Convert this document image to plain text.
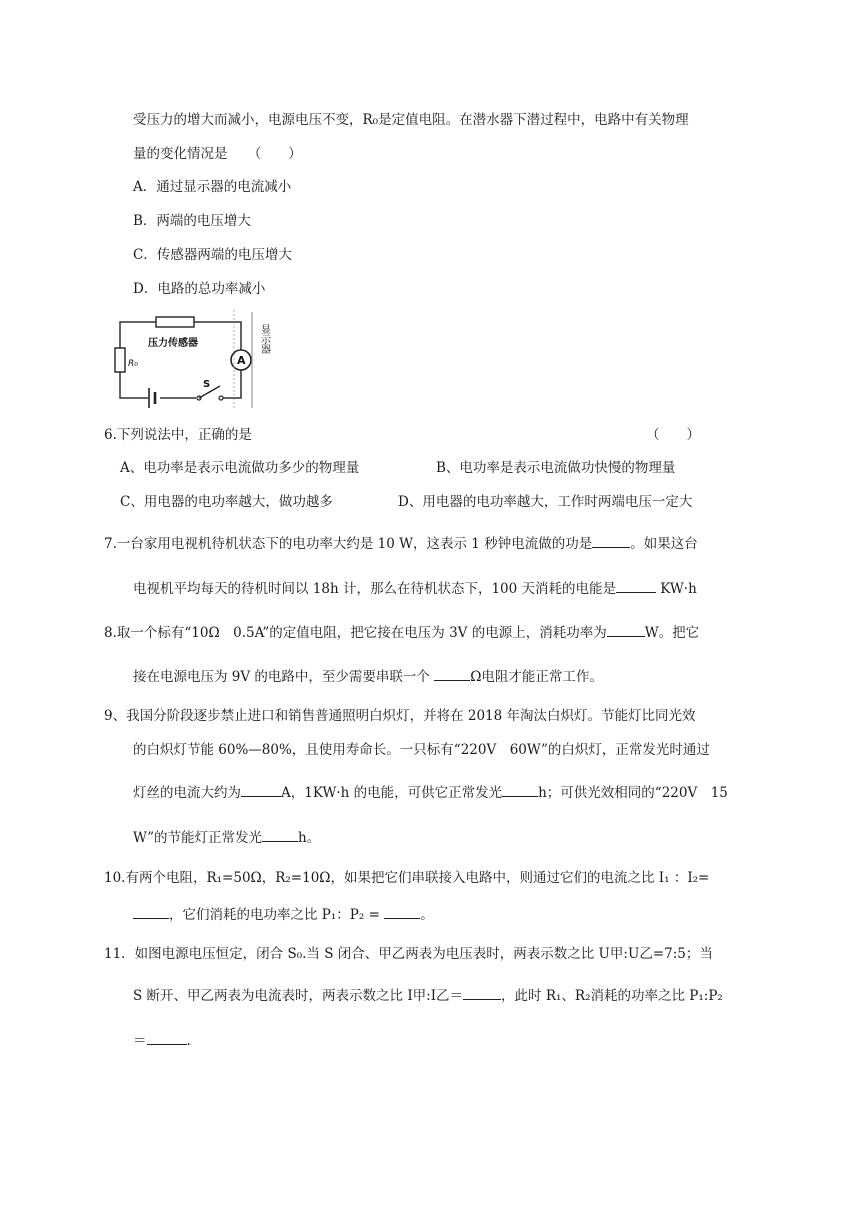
受压力的增大而减小，电源电压不变，R₀是定值电阻。在潜水器下潜过程中，电路中有关物理
量的变化情况是　　（　　）
A．通过显示器的电流减小
B．两端的电压增大
C．传感器两端的电压增大
D．电路的总功率减小
压力传感器
R₀	A
S
显示器
6.下列说法中，正确的是	（　　）
A、电功率是表示电流做功多少的物理量	B、电功率是表示电流做功快慢的物理量
C、用电器的电功率越大，做功越多	D、用电器的电功率越大，工作时两端电压一定大
7.一台家用电视机待机状态下的电功率大约是 10 W，这表示 1 秒钟电流做的功是	。如果这台
电视机平均每天的待机时间以 18h 计，那么在待机状态下，100 天消耗的电能是	KW·h
8.取一个标有“10Ω　0.5A”的定值电阻，把它接在电压为 3V 的电源上，消耗功率为	W。把它
接在电源电压为 9V 的电路中，至少需要串联一个	Ω电阻才能正常工作。
9、我国分阶段逐步禁止进口和销售普通照明白炽灯，并将在 2018 年淘汰白炽灯。节能灯比同光效
的白炽灯节能 60%—80%，且使用寿命长。一只标有“220V　60W”的白炽灯，正常发光时通过
灯丝的电流大约为	A，1KW·h 的电能，可供它正常发光	h；可供光效相同的“220V　15
W”的节能灯正常发光	h。
10.有两个电阻，R₁=50Ω，R₂=10Ω，如果把它们串联接入电路中，则通过它们的电流之比 I₁ ：I₂=
，它们消耗的电功率之比 P₁：P₂ =	。
11．如图电源电压恒定，闭合 S₀.当 S 闭合、甲乙两表为电压表时，两表示数之比 U甲:U乙=7:5；当
S 断开、甲乙两表为电流表时，两表示数之比 I甲:I乙＝	，此时 R₁、R₂消耗的功率之比 P₁:P₂
＝	.
